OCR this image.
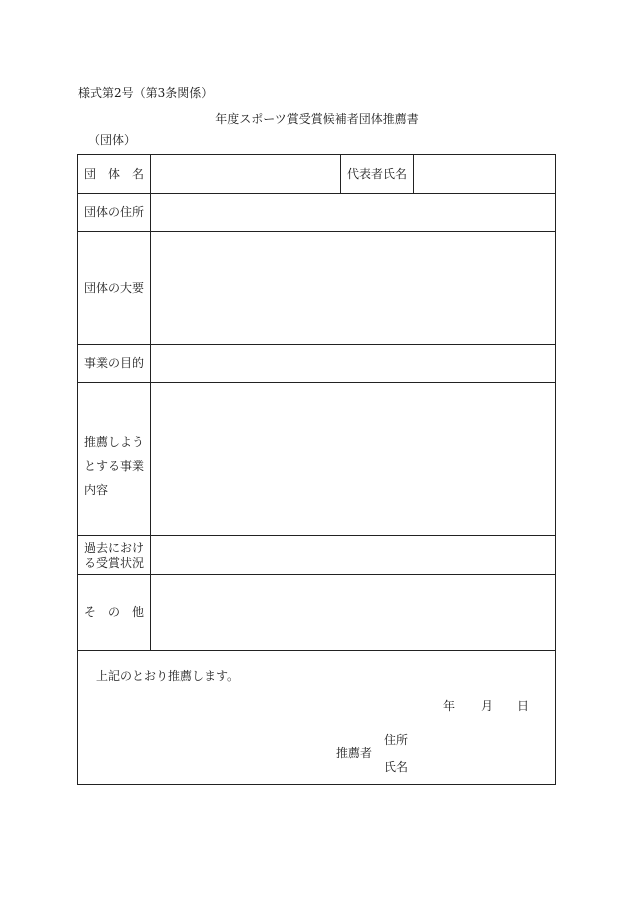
様式第2号（第3条関係）
年度スポーツ賞受賞候補者団体推薦書
（団体）
団　体　名	代表者氏名
団体の住所
団体の大要
事業の目的
推薦しよう
とする事業
内容
過去におけ
る受賞状況
そ　の　他
上記のとおり推薦します。
年 月 日
推薦者
住所
氏名
